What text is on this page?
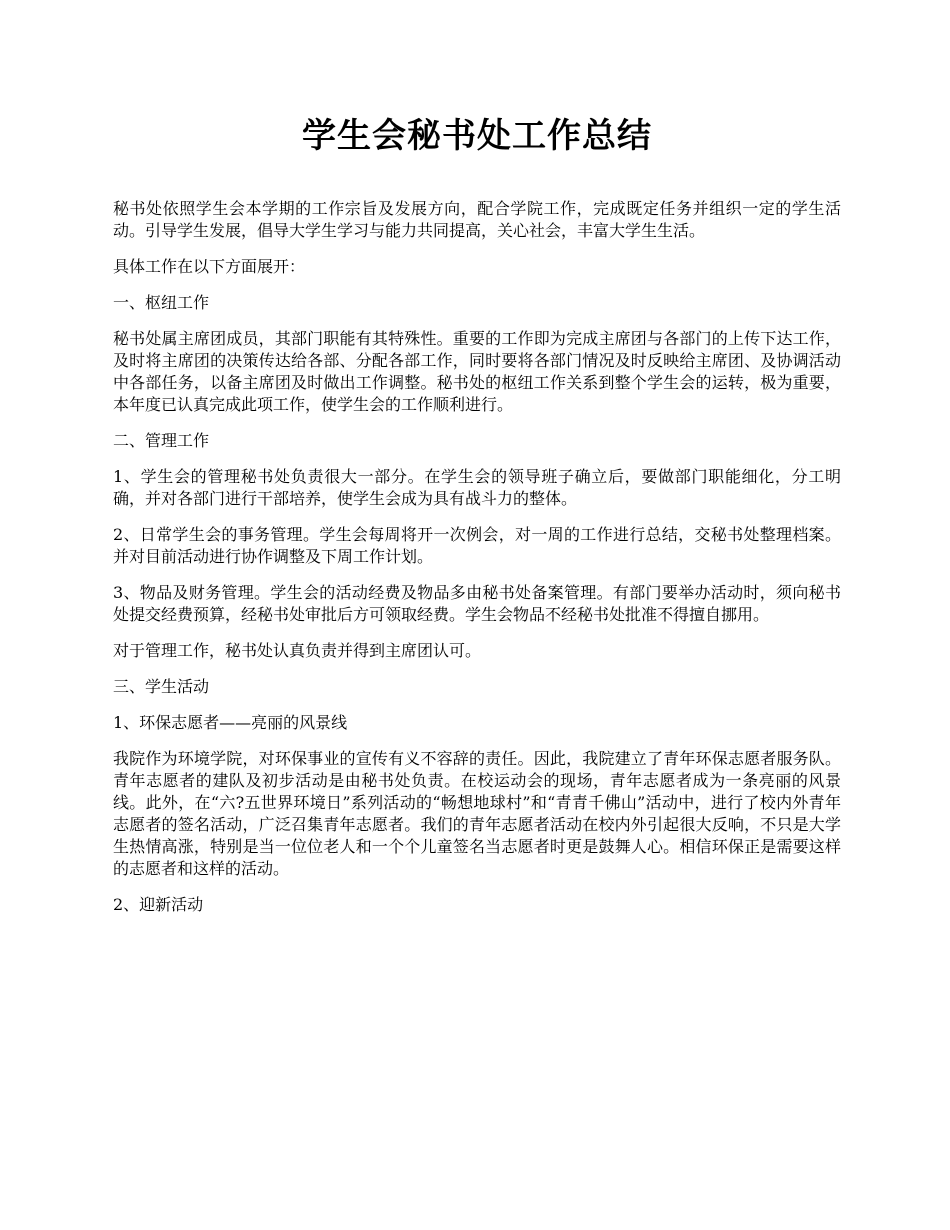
学生会秘书处工作总结

秘书处依照学生会本学期的工作宗旨及发展方向，配合学院工作，完成既定任务并组织一定的学生活动。引导学生发展，倡导大学生学习与能力共同提高，关心社会，丰富大学生生活。

具体工作在以下方面展开：

一、枢纽工作

秘书处属主席团成员，其部门职能有其特殊性。重要的工作即为完成主席团与各部门的上传下达工作，及时将主席团的决策传达给各部、分配各部工作，同时要将各部门情况及时反映给主席团、及协调活动中各部任务，以备主席团及时做出工作调整。秘书处的枢纽工作关系到整个学生会的运转，极为重要，本年度已认真完成此项工作，使学生会的工作顺利进行。

二、管理工作

1、学生会的管理秘书处负责很大一部分。在学生会的领导班子确立后，要做部门职能细化，分工明确，并对各部门进行干部培养，使学生会成为具有战斗力的整体。

2、日常学生会的事务管理。学生会每周将开一次例会，对一周的工作进行总结，交秘书处整理档案。并对目前活动进行协作调整及下周工作计划。

3、物品及财务管理。学生会的活动经费及物品多由秘书处备案管理。有部门要举办活动时，须向秘书处提交经费预算，经秘书处审批后方可领取经费。学生会物品不经秘书处批准不得擅自挪用。

对于管理工作，秘书处认真负责并得到主席团认可。

三、学生活动

1、环保志愿者——亮丽的风景线

我院作为环境学院，对环保事业的宣传有义不容辞的责任。因此，我院建立了青年环保志愿者服务队。青年志愿者的建队及初步活动是由秘书处负责。在校运动会的现场，青年志愿者成为一条亮丽的风景线。此外，在“六?五世界环境日”系列活动的“畅想地球村”和“青青千佛山”活动中，进行了校内外青年志愿者的签名活动，广泛召集青年志愿者。我们的青年志愿者活动在校内外引起很大反响，不只是大学生热情高涨，特别是当一位位老人和一个个儿童签名当志愿者时更是鼓舞人心。相信环保正是需要这样的志愿者和这样的活动。

2、迎新活动
